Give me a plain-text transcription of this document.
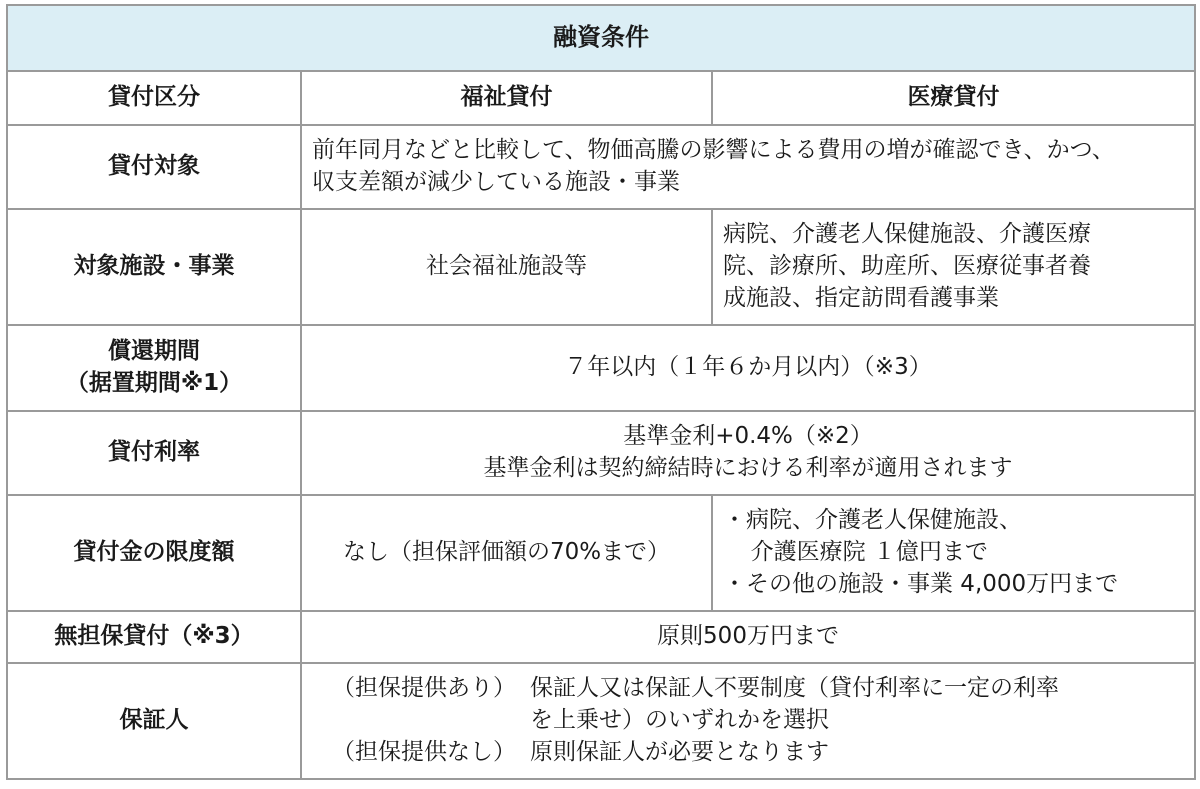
融資条件		
貸付区分	福祉貸付	医療貸付
貸付対象	前年同月などと比較して、物価高騰の影響による費用の増が確認でき、かつ、
収支差額が減少している施設・事業	

対象施設・事業	社会福祉施設等	病院、介護老人保健施設、介護医療
院、診療所、助産所、医療従事者養
成施設、指定訪問看護事業

償還期間
（据置期間※1）	７年以内（１年６か月以内）（※3）	
貸付利率	基準金利+0.4%（※2）
基準金利は契約締結時における利率が適用されます	

貸付金の限度額	なし（担保評価額の70%まで）	・病院、介護老人保健施設、
介護医療院 １億円まで
・その他の施設・事業 4,000万円まで

無担保貸付（※3）	原則500万円まで	
保証人	（担保提供あり） 保証人又は保証人不要制度（貸付利率に一定の利率
を上乗せ）のいずれかを選択
（担保提供なし） 原則保証人が必要となります	
